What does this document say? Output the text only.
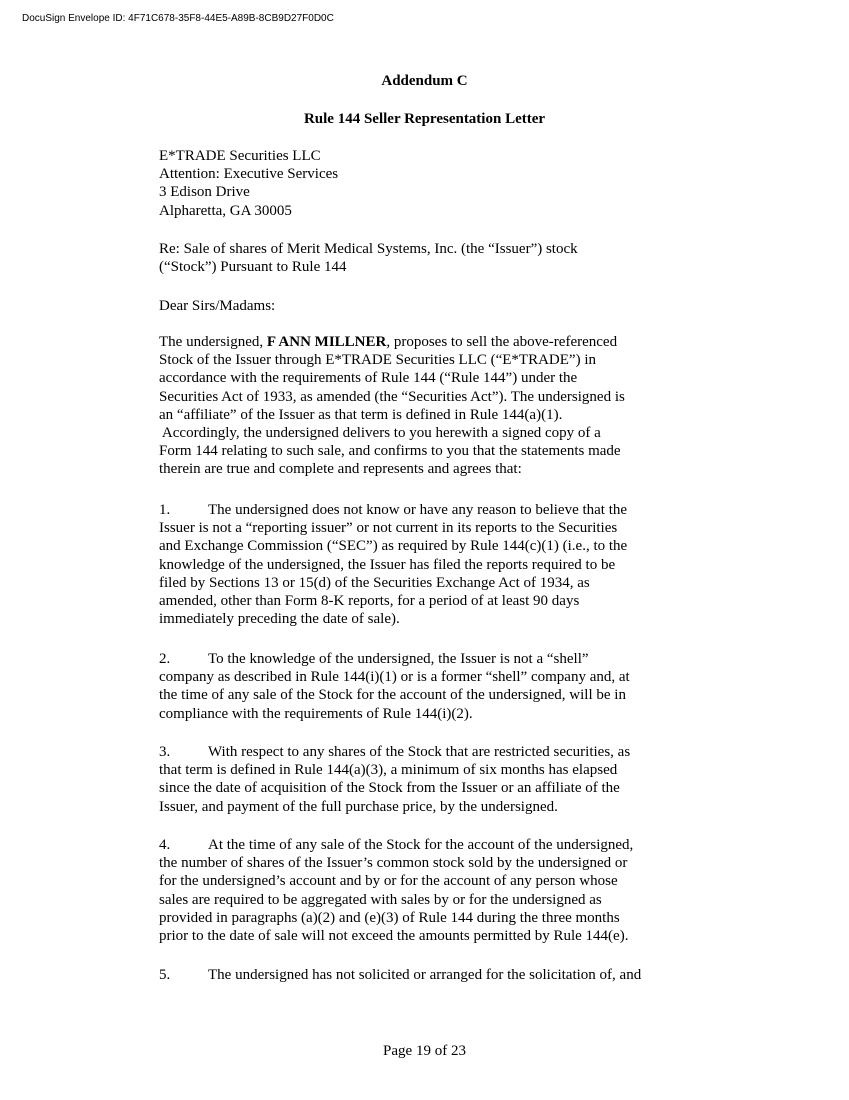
DocuSign Envelope ID: 4F71C678-35F8-44E5-A89B-8CB9D27F0D0C
Addendum C
Rule 144 Seller Representation Letter
E*TRADE Securities LLC
Attention: Executive Services
3 Edison Drive
Alpharetta, GA 30005
Re: Sale of shares of Merit Medical Systems, Inc. (the “Issuer”) stock
(“Stock”) Pursuant to Rule 144
Dear Sirs/Madams:
The undersigned, F ANN MILLNER, proposes to sell the above-referenced
Stock of the Issuer through E*TRADE Securities LLC (“E*TRADE”) in
accordance with the requirements of Rule 144 (“Rule 144”) under the
Securities Act of 1933, as amended (the “Securities Act”). The undersigned is
an “affiliate” of the Issuer as that term is defined in Rule 144(a)(1).
Accordingly, the undersigned delivers to you herewith a signed copy of a
Form 144 relating to such sale, and confirms to you that the statements made
therein are true and complete and represents and agrees that:
1.	The undersigned does not know or have any reason to believe that the
Issuer is not a “reporting issuer” or not current in its reports to the Securities
and Exchange Commission (“SEC”) as required by Rule 144(c)(1) (i.e., to the
knowledge of the undersigned, the Issuer has filed the reports required to be
filed by Sections 13 or 15(d) of the Securities Exchange Act of 1934, as
amended, other than Form 8-K reports, for a period of at least 90 days
immediately preceding the date of sale).
2.	To the knowledge of the undersigned, the Issuer is not a “shell”
company as described in Rule 144(i)(1) or is a former “shell” company and, at
the time of any sale of the Stock for the account of the undersigned, will be in
compliance with the requirements of Rule 144(i)(2).
3.	With respect to any shares of the Stock that are restricted securities, as
that term is defined in Rule 144(a)(3), a minimum of six months has elapsed
since the date of acquisition of the Stock from the Issuer or an affiliate of the
Issuer, and payment of the full purchase price, by the undersigned.
4.	At the time of any sale of the Stock for the account of the undersigned,
the number of shares of the Issuer’s common stock sold by the undersigned or
for the undersigned’s account and by or for the account of any person whose
sales are required to be aggregated with sales by or for the undersigned as
provided in paragraphs (a)(2) and (e)(3) of Rule 144 during the three months
prior to the date of sale will not exceed the amounts permitted by Rule 144(e).
5.	The undersigned has not solicited or arranged for the solicitation of, and
Page 19 of 23
